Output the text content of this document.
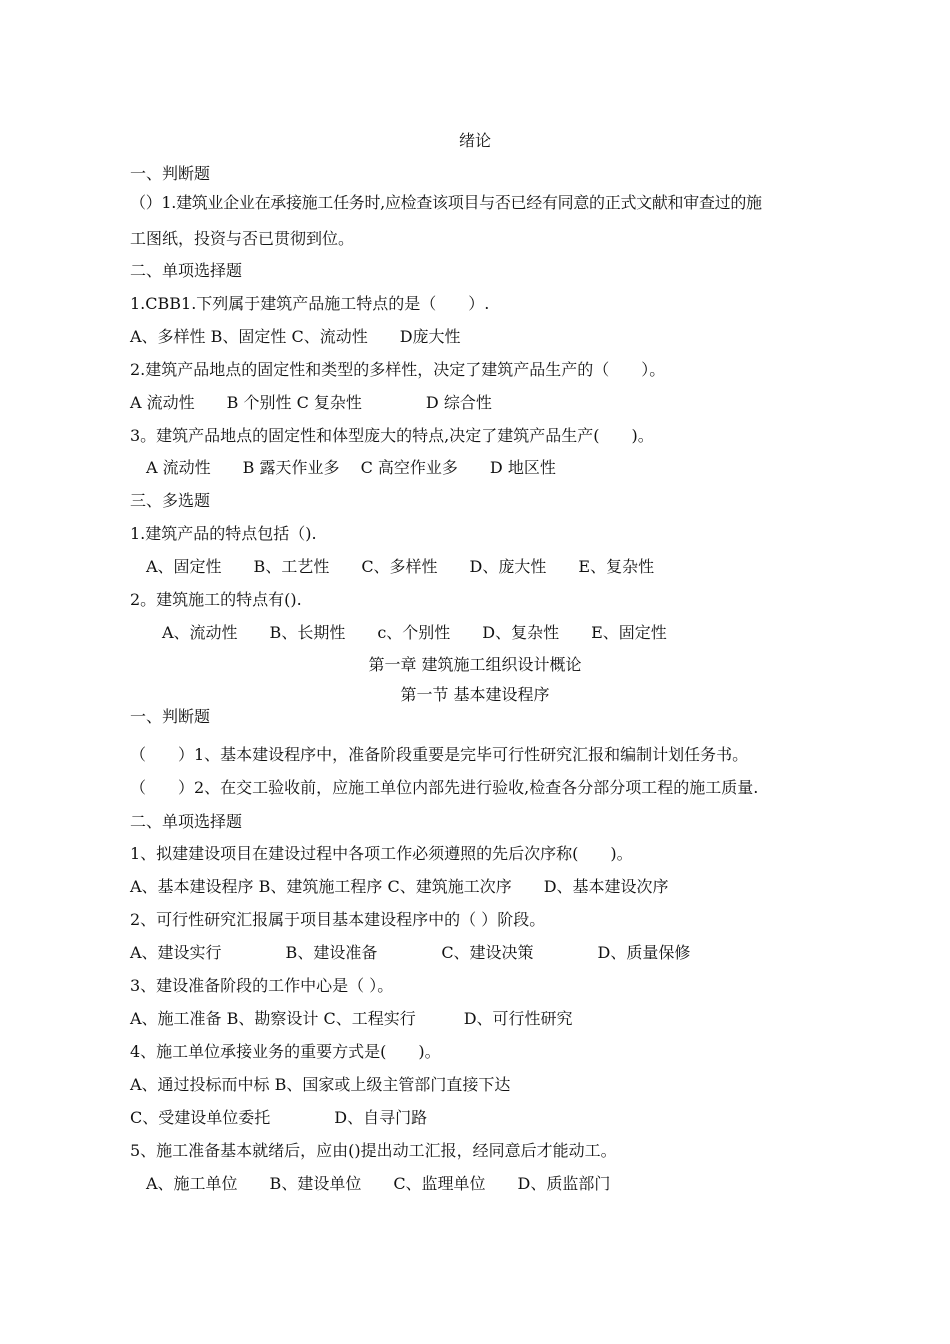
绪论
一、判断题
（）1.建筑业企业在承接施工任务时,应检查该项目与否已经有同意的正式文献和审查过的施
工图纸，投资与否已贯彻到位。
二、单项选择题
1.CBB1.下列属于建筑产品施工特点的是（　　）.
A、多样性 B、固定性 C、流动性　　D庞大性
2.建筑产品地点的固定性和类型的多样性，决定了建筑产品生产的（　　）。
A 流动性　　B 个别性 C 复杂性　　　　D 综合性
3。建筑产品地点的固定性和体型庞大的特点,决定了建筑产品生产(　　)。
A 流动性　　B 露天作业多　 C 高空作业多　　D 地区性
三、多选题
1.建筑产品的特点包括（).
A、固定性　　B、工艺性　　C、多样性　　D、庞大性　　E、复杂性
2。建筑施工的特点有().
A、流动性　　B、长期性　　c、个别性　　D、复杂性　　E、固定性
第一章 建筑施工组织设计概论
第一节 基本建设程序
一、判断题
（　　）1、基本建设程序中，准备阶段重要是完毕可行性研究汇报和编制计划任务书。
（　　）2、在交工验收前，应施工单位内部先进行验收,检查各分部分项工程的施工质量.
二、单项选择题
1、拟建建设项目在建设过程中各项工作必须遵照的先后次序称(　　)。
A、基本建设程序 B、建筑施工程序 C、建筑施工次序　　D、基本建设次序
2、可行性研究汇报属于项目基本建设程序中的（ ）阶段。
A、建设实行　　　　B、建设准备　　　　C、建设决策　　　　D、质量保修
3、建设准备阶段的工作中心是（ ）。
A、施工准备 B、勘察设计 C、工程实行　　　D、可行性研究
4、施工单位承接业务的重要方式是(　　)。
A、通过投标而中标 B、国家或上级主管部门直接下达
C、受建设单位委托　　　　D、自寻门路
5、施工准备基本就绪后，应由()提出动工汇报，经同意后才能动工。
A、施工单位　　B、建设单位　　C、监理单位　　D、质监部门
